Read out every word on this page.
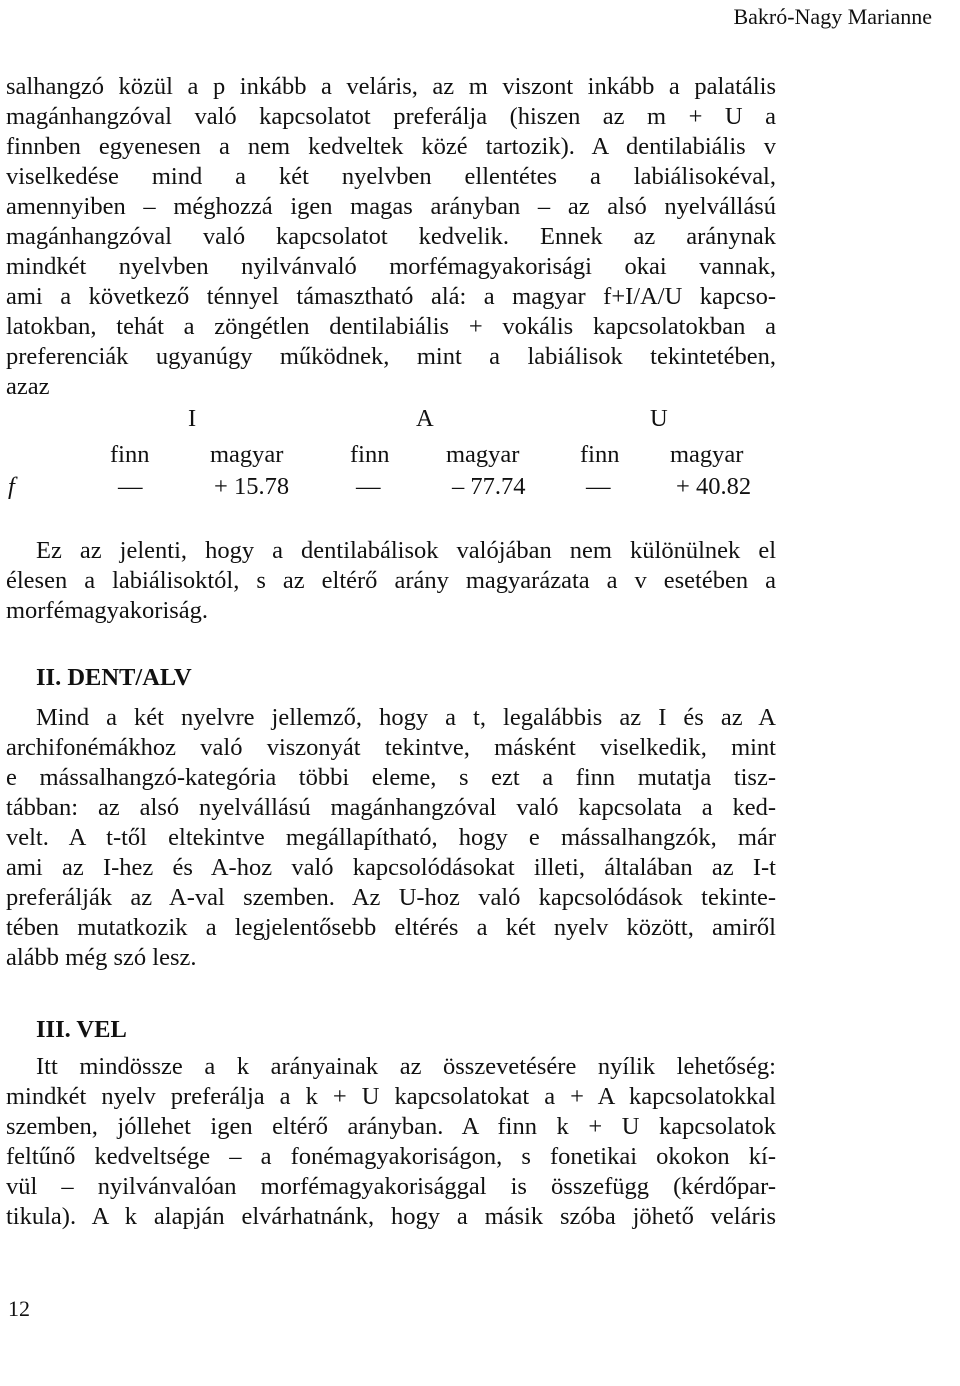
Bakró-Nagy Marianne
salhangzó közül a p inkább a veláris, az m viszont inkább a palatális
magánhangzóval való kapcsolatot preferálja (hiszen az m + U a
finnben egyenesen a nem kedveltek közé tartozik). A dentilabiális v
viselkedése mind a két nyelvben ellentétes a labiálisokéval,
amennyiben – méghozzá igen magas arányban – az alsó nyelvállású
magánhangzóval való kapcsolatot kedvelik. Ennek az aránynak
mindkét nyelvben nyilvánvaló morfémagyakorisági okai vannak,
ami a következő ténnyel támasztható alá: a magyar f+I/A/U kapcso-
latokban, tehát a zöngétlen dentilabiális + vokális kapcsolatokban a
preferenciák ugyanúgy működnek, mint a labiálisok tekintetében,
azaz
I	A	U
finn magyar	finn magyar finn magyar
f	—	+ 15.78	—	– 77.74 —	+ 40.82
Ez az jelenti, hogy a dentilabálisok valójában nem különülnek el
élesen a labiálisoktól, s az eltérő arány magyarázata a v esetében a
morfémagyakoriság.
II. DENT/ALV
Mind a két nyelvre jellemző, hogy a t, legalábbis az I és az A
archifonémákhoz való viszonyát tekintve, másként viselkedik, mint
e mássalhangzó-kategória többi eleme, s ezt a finn mutatja tisz-
tábban: az alsó nyelvállású magánhangzóval való kapcsolata a ked-
velt. A t-től eltekintve megállapítható, hogy e mássalhangzók, már
ami az I-hez és A-hoz való kapcsolódásokat illeti, általában az I-t
preferálják az A-val szemben. Az U-hoz való kapcsolódások tekinte-
tében mutatkozik a legjelentősebb eltérés a két nyelv között, amiről
alább még szó lesz.
III. VEL
Itt mindössze a k arányainak az összevetésére nyílik lehetőség:
mindkét nyelv preferálja a k + U kapcsolatokat a + A kapcsolatokkal
szemben, jóllehet igen eltérő arányban. A finn k + U kapcsolatok
feltűnő kedveltsége – a fonémagyakoriságon, s fonetikai okokon kí-
vül – nyilvánvalóan morfémagyakorisággal is összefügg (kérdőpar-
tikula). A k alapján elvárhatnánk, hogy a másik szóba jöhető veláris
12
